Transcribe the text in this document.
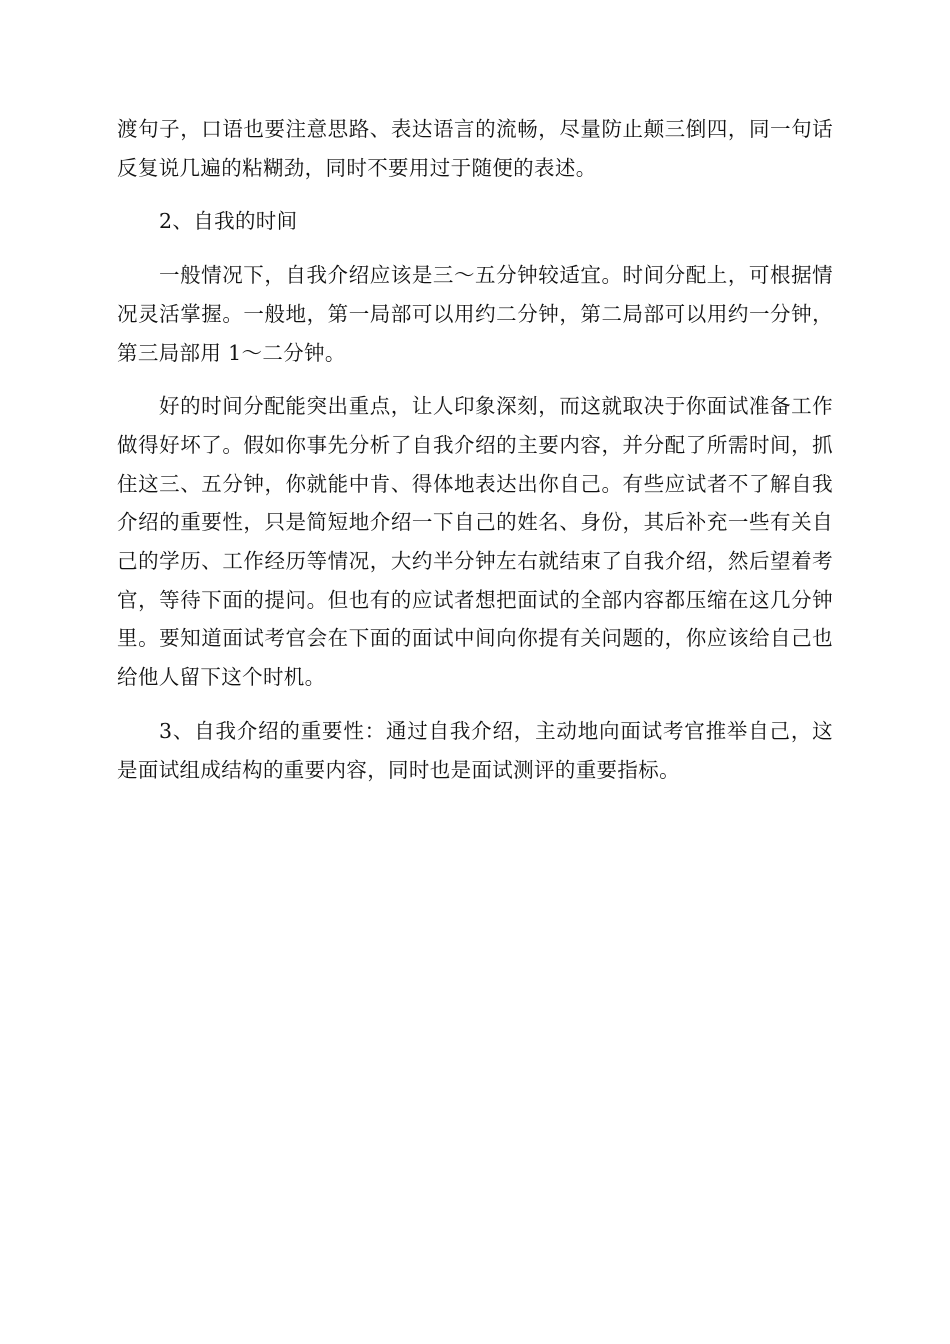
渡句子，口语也要注意思路、表达语言的流畅，尽量防止颠三倒四，同一句话反复说几遍的粘糊劲，同时不要用过于随便的表述。

2、自我的时间

一般情况下，自我介绍应该是三～五分钟较适宜。时间分配上，可根据情况灵活掌握。一般地，第一局部可以用约二分钟，第二局部可以用约一分钟，第三局部用 1～二分钟。

好的时间分配能突出重点，让人印象深刻，而这就取决于你面试准备工作做得好坏了。假如你事先分析了自我介绍的主要内容，并分配了所需时间，抓住这三、五分钟，你就能中肯、得体地表达出你自己。有些应试者不了解自我介绍的重要性，只是简短地介绍一下自己的姓名、身份，其后补充一些有关自己的学历、工作经历等情况，大约半分钟左右就结束了自我介绍，然后望着考官，等待下面的提问。但也有的应试者想把面试的全部内容都压缩在这几分钟里。要知道面试考官会在下面的面试中间向你提有关问题的，你应该给自己也给他人留下这个时机。

3、自我介绍的重要性：通过自我介绍，主动地向面试考官推举自己，这是面试组成结构的重要内容，同时也是面试测评的重要指标。
